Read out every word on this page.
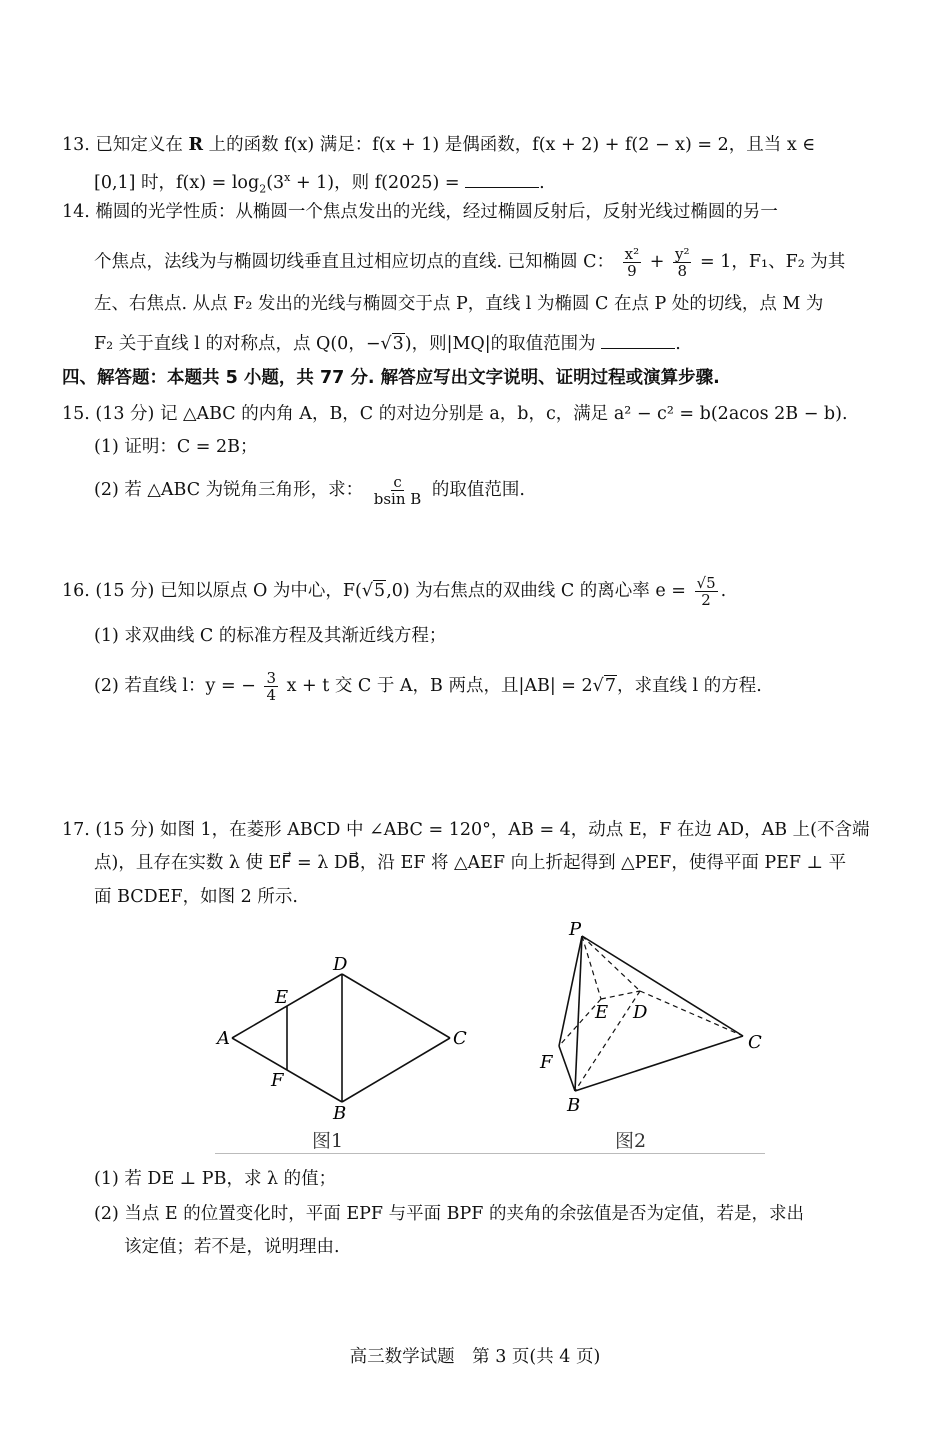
13. 已知定义在 R 上的函数 f(x) 满足：f(x + 1) 是偶函数，f(x + 2) + f(2 − x) = 2，且当 x ∈
[0,1] 时，$f(x) = \log_2(3^x + 1)$，则 f(2025) =	.
14. 椭圆的光学性质：从椭圆一个焦点发出的光线，经过椭圆反射后，反射光线过椭圆的另一
个焦点，法线为与椭圆切线垂直且过相应切点的直线. 已知椭圆 C： $\frac{\text{x²}}{9} + \frac{\text{y²}}{8} = 1$，F₁、F₂ 为其
左、右焦点. 从点 F₂ 发出的光线与椭圆交于点 P，直线 l 为椭圆 C 在点 P 处的切线，点 M 为
F₂ 关于直线 l 的对称点，点 Q(0，−√3)，则|MQ|的取值范围为	.
四、解答题：本题共 5 小题，共 77 分. 解答应写出文字说明、证明过程或演算步骤.
15. (13 分) 记 △ABC 的内角 A，B，C 的对边分别是 a，b，c，满足 a² − c² = b(2acos 2B − b).
(1) 证明：C = 2B；
(2) 若 △ABC 为锐角三角形，求： $\frac{c}{\text{bsin B}}$ 的取值范围.
16. (15 分) 已知以原点 O 为中心，F(√5,0) 为右焦点的双曲线 C 的离心率 $e = \frac{√5}{2}$ .
(1) 求双曲线 C 的标准方程及其渐近线方程；
(2) 若直线 l：y = − $\frac{3}{4}$ x + t 交 C 于 A，B 两点，且|AB| = 2√7，求直线 l 的方程.
17. (15 分) 如图 1，在菱形 ABCD 中 ∠ABC = 120°，AB = 4，动点 E，F 在边 AD，AB 上(不含端
点)，且存在实数 λ 使 EF⃗ = λ DB⃗，沿 EF 将 △AEF 向上折起得到 △PEF，使得平面 PEF ⊥ 平
面 BCDEF，如图 2 所示.
A
D
C
B
E
F
图1
P
E D
C
F
B
图2
(1) 若 DE ⊥ PB，求 λ 的值；
(2) 当点 E 的位置变化时，平面 EPF 与平面 BPF 的夹角的余弦值是否为定值，若是，求出
该定值；若不是，说明理由.
高三数学试题　第 3 页(共 4 页)
